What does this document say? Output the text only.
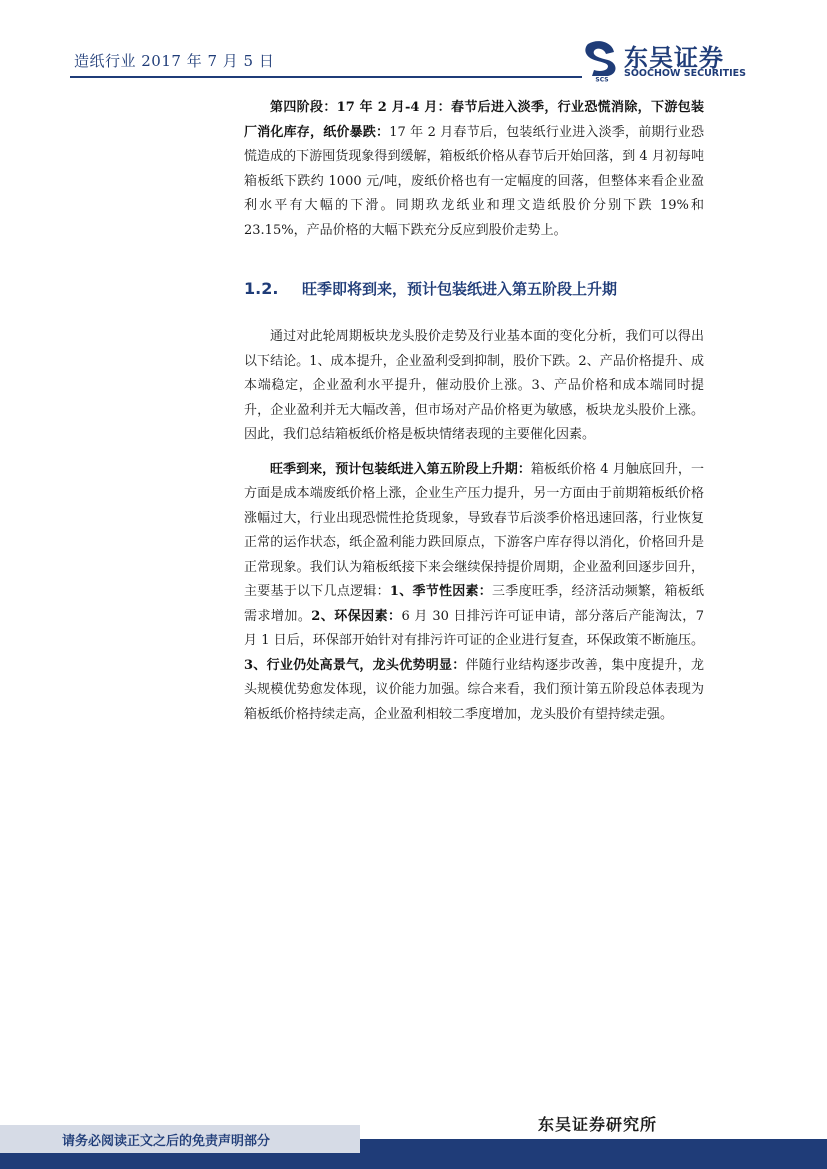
造纸行业 2017 年 7 月 5 日
SCS
东吴证券
SOOCHOW SECURITIES

第四阶段：17 年 2 月-4 月：春节后进入淡季，行业恐慌消除，下游包装厂消化库存，纸价暴跌：17 年 2 月春节后，包装纸行业进入淡季，前期行业恐慌造成的下游囤货现象得到缓解，箱板纸价格从春节后开始回落，到 4 月初每吨箱板纸下跌约 1000 元/吨，废纸价格也有一定幅度的回落，但整体来看企业盈利水平有大幅的下滑。同期玖龙纸业和理文造纸股价分别下跌 19%和 23.15%，产品价格的大幅下跌充分反应到股价走势上。

1.2.	旺季即将到来，预计包装纸进入第五阶段上升期

通过对此轮周期板块龙头股价走势及行业基本面的变化分析，我们可以得出以下结论。1、成本提升，企业盈利受到抑制，股价下跌。2、产品价格提升、成本端稳定，企业盈利水平提升，催动股价上涨。3、产品价格和成本端同时提升，企业盈利并无大幅改善，但市场对产品价格更为敏感，板块龙头股价上涨。因此，我们总结箱板纸价格是板块情绪表现的主要催化因素。

旺季到来，预计包装纸进入第五阶段上升期：箱板纸价格 4 月触底回升，一方面是成本端废纸价格上涨，企业生产压力提升，另一方面由于前期箱板纸价格涨幅过大，行业出现恐慌性抢货现象，导致春节后淡季价格迅速回落，行业恢复正常的运作状态，纸企盈利能力跌回原点，下游客户库存得以消化，价格回升是正常现象。我们认为箱板纸接下来会继续保持提价周期，企业盈利回逐步回升，主要基于以下几点逻辑：1、季节性因素：三季度旺季，经济活动频繁，箱板纸需求增加。2、环保因素：6 月 30 日排污许可证申请，部分落后产能淘汰，7 月 1 日后，环保部开始针对有排污许可证的企业进行复查，环保政策不断施压。3、行业仍处高景气，龙头优势明显：伴随行业结构逐步改善，集中度提升，龙头规模优势愈发体现，议价能力加强。综合来看，我们预计第五阶段总体表现为箱板纸价格持续走高，企业盈利相较二季度增加，龙头股价有望持续走强。

东吴证券研究所
请务必阅读正文之后的免责声明部分
